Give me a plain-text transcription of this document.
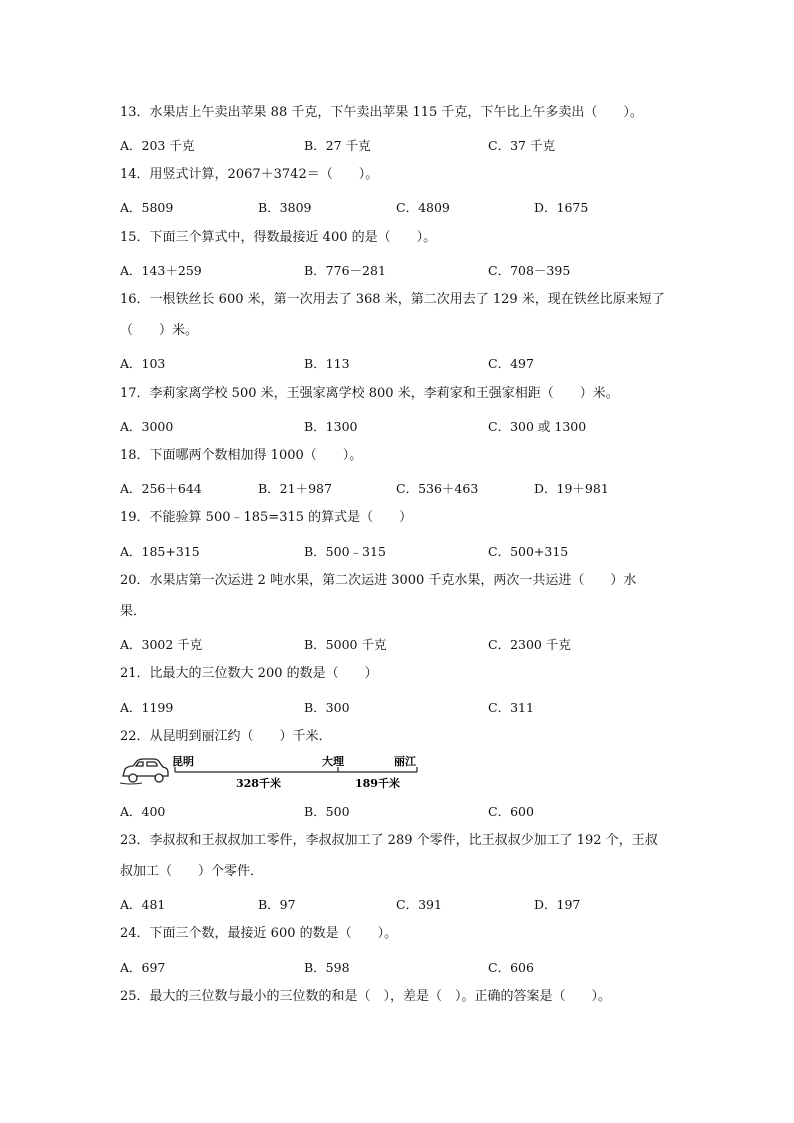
13．水果店上午卖出苹果 88 千克，下午卖出苹果 115 千克，下午比上午多卖出（　　）。
A．203 千克	B．27 千克	C．37 千克
14．用竖式计算，2067＋3742＝（　　）。
A．5809	B．3809	C．4809	D．1675
15．下面三个算式中，得数最接近 400 的是（　　）。
A．143＋259	B．776－281	C．708－395
16．一根铁丝长 600 米，第一次用去了 368 米，第二次用去了 129 米，现在铁丝比原来短了
（　　）米。
A．103	B．113	C．497
17．李莉家离学校 500 米，王强家离学校 800 米，李莉家和王强家相距（　　）米。
A．3000	B．1300	C．300 或 1300
18．下面哪两个数相加得 1000（　　）。
A．256＋644	B．21＋987	C．536＋463	D．19＋981
19．不能验算 500﹣185=315 的算式是（　　）
A．185+315	B．500﹣315	C．500+315
20．水果店第一次运进 2 吨水果，第二次运进 3000 千克水果，两次一共运进（　　）水
果．
A．3002 千克	B．5000 千克	C．2300 千克
21．比最大的三位数大 200 的数是（　　）
A．1199	B．300	C．311
22．从昆明到丽江约（　　）千米．
昆明	大理	丽江
328千米	189千米
A．400	B．500	C．600
23．李叔叔和王叔叔加工零件，李叔叔加工了 289 个零件，比王叔叔少加工了 192 个，王叔
叔加工（　　）个零件．
A．481	B．97	C．391	D．197
24．下面三个数，最接近 600 的数是（　　）。
A．697	B．598	C．606
25．最大的三位数与最小的三位数的和是（　），差是（　）。正确的答案是（　　）。
